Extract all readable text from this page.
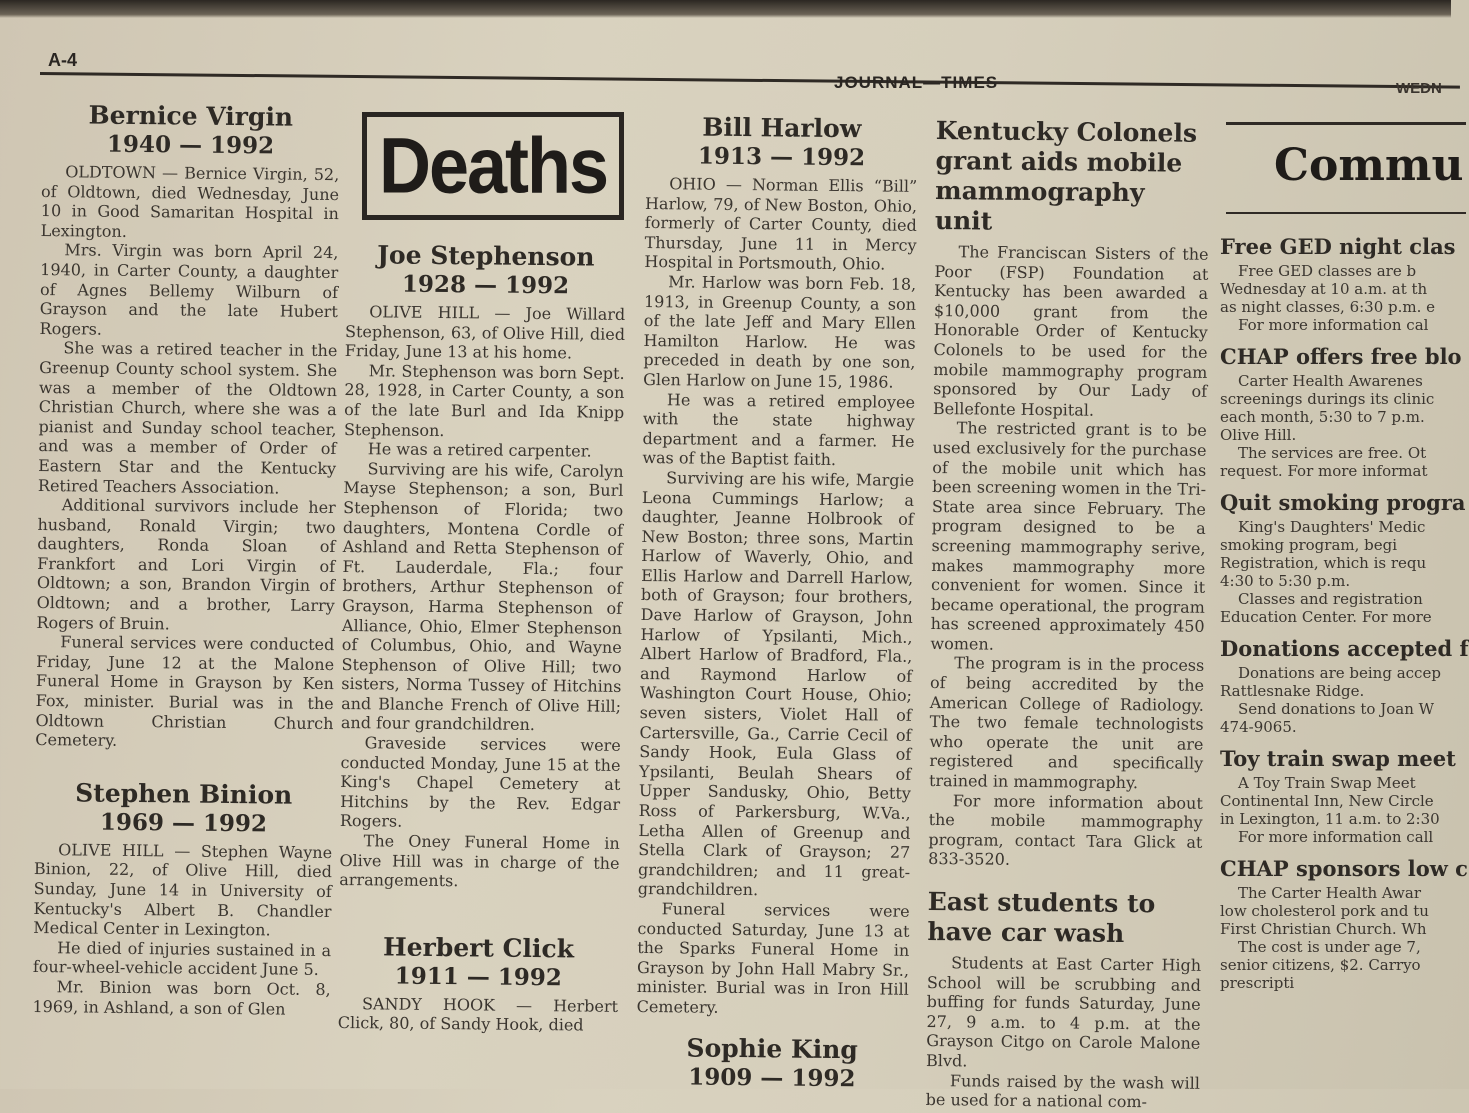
A-4
JOURNAL—TIMES	WEDN

Bernice Virgin

1940 — 1992

OLDTOWN — Bernice Virgin, 52, of Oldtown, died Wednesday, June 10 in Good Samaritan Hospital in Lexington.

Mrs. Virgin was born April 24, 1940, in Carter County, a daughter of Agnes Bellemy Wilburn of Grayson and the late Hubert Rogers.

She was a retired teacher in the Greenup County school system. She was a member of the Oldtown Christian Church, where she was a pianist and Sunday school teacher, and was a member of Order of Eastern Star and the Kentucky Retired Teachers Association.

Additional survivors include her husband, Ronald Virgin; two daughters, Ronda Sloan of Frankfort and Lori Virgin of Oldtown; a son, Brandon Virgin of Oldtown; and a brother, Larry Rogers of Bruin.

Funeral services were conducted Friday, June 12 at the Malone Funeral Home in Grayson by Ken Fox, minister. Burial was in the Oldtown Christian Church Cemetery.

Stephen Binion

1969 — 1992

OLIVE HILL — Stephen Wayne Binion, 22, of Olive Hill, died Sunday, June 14 in University of Kentucky's Albert B. Chandler Medical Center in Lexington.

He died of injuries sustained in a four-wheel-vehicle accident June 5.

Mr. Binion was born Oct. 8, 1969, in Ashland, a son of Glen

Deaths

Joe Stephenson

1928 — 1992

OLIVE HILL — Joe Willard Stephenson, 63, of Olive Hill, died Friday, June 13 at his home.

Mr. Stephenson was born Sept. 28, 1928, in Carter County, a son of the late Burl and Ida Knipp Stephenson.

He was a retired carpenter.

Surviving are his wife, Carolyn Mayse Stephenson; a son, Burl Stephenson of Florida; two daughters, Montena Cordle of Ashland and Retta Stephenson of Ft. Lauderdale, Fla.; four brothers, Arthur Stephenson of Grayson, Harma Stephenson of Alliance, Ohio, Elmer Stephenson of Columbus, Ohio, and Wayne Stephenson of Olive Hill; two sisters, Norma Tussey of Hitchins and Blanche French of Olive Hill; and four grandchildren.

Graveside services were conducted Monday, June 15 at the King's Chapel Cemetery at Hitchins by the Rev. Edgar Rogers.

The Oney Funeral Home in Olive Hill was in charge of the arrangements.

Herbert Click

1911 — 1992

SANDY HOOK — Herbert Click, 80, of Sandy Hook, died

Bill Harlow

1913 — 1992

OHIO — Norman Ellis “Bill” Harlow, 79, of New Boston, Ohio, formerly of Carter County, died Thursday, June 11 in Mercy Hospital in Portsmouth, Ohio.

Mr. Harlow was born Feb. 18, 1913, in Greenup County, a son of the late Jeff and Mary Ellen Hamilton Harlow. He was preceded in death by one son, Glen Harlow on June 15, 1986.

He was a retired employee with the state highway department and a farmer. He was of the Baptist faith.

Surviving are his wife, Margie Leona Cummings Harlow; a daughter, Jeanne Holbrook of New Boston; three sons, Martin Harlow of Waverly, Ohio, and Ellis Harlow and Darrell Harlow, both of Grayson; four brothers, Dave Harlow of Grayson, John Harlow of Ypsilanti, Mich., Albert Harlow of Bradford, Fla., and Raymond Harlow of Washington Court House, Ohio; seven sisters, Violet Hall of Cartersville, Ga., Carrie Cecil of Sandy Hook, Eula Glass of Ypsilanti, Beulah Shears of Upper Sandusky, Ohio, Betty Ross of Parkersburg, W.Va., Letha Allen of Greenup and Stella Clark of Grayson; 27 grandchildren; and 11 great-grandchildren.

Funeral services were conducted Saturday, June 13 at the Sparks Funeral Home in Grayson by John Hall Mabry Sr., minister. Burial was in Iron Hill Cemetery.

Sophie King

1909 — 1992

Kentucky Colonels grant aids mobile mammography unit

The Franciscan Sisters of the Poor (FSP) Foundation at Kentucky has been awarded a $10,000 grant from the Honorable Order of Kentucky Colonels to be used for the mobile mammography program sponsored by Our Lady of Bellefonte Hospital.

The restricted grant is to be used exclusively for the purchase of the mobile unit which has been screening women in the Tri-State area since February. The program designed to be a screening mammography serive, makes mammography more convenient for women. Since it became operational, the program has screened approximately 450 women.

The program is in the process of being accredited by the American College of Radiology. The two female technologists who operate the unit are registered and specifically trained in mammography.

For more information about the mobile mammography program, contact Tara Glick at 833-3520.

East students to have car wash

Students at East Carter High School will be scrubbing and buffing for funds Saturday, June 27, 9 a.m. to 4 p.m. at the Grayson Citgo on Carole Malone Blvd.

Funds raised by the wash will be used for a national com-

Commu

Free GED night clas

Free GED classes are b

Wednesday at 10 a.m. at th

as night classes, 6:30 p.m. e

For more information cal

CHAP offers free blo

Carter Health Awarenes

screenings durings its clinic

each month, 5:30 to 7 p.m.

Olive Hill.

The services are free. Ot

request. For more informat

Quit smoking progra

King's Daughters' Medic

smoking program, begi

Registration, which is requ

4:30 to 5:30 p.m.

Classes and registration

Education Center. For more

Donations accepted f

Donations are being accep

Rattlesnake Ridge.

Send donations to Joan W

474-9065.

Toy train swap meet

A Toy Train Swap Meet

Continental Inn, New Circle

in Lexington, 11 a.m. to 2:30

For more information call

CHAP sponsors low c

The Carter Health Awar

low cholesterol pork and tu

First Christian Church. Wh

The cost is under age 7,

senior citizens, $2. Carryo

prescripti
